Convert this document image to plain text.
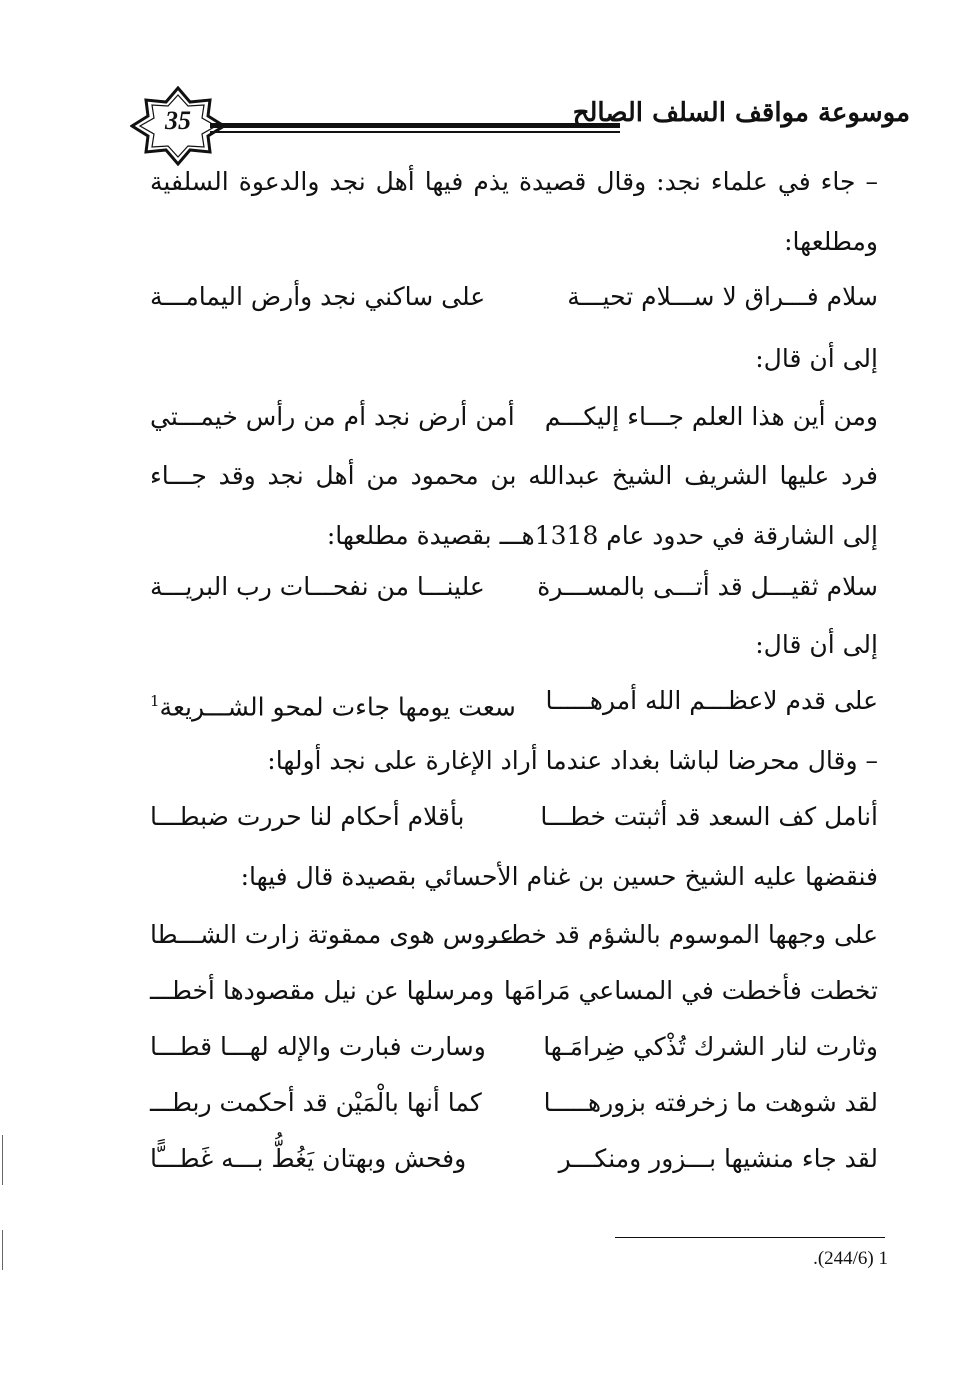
35	موسوعة مواقف السلف الصالح

– جاء في علماء نجد: وقال قصيدة يذم فيها أهل نجد والدعوة السلفية ومطلعها:

سلام فـــراق لا ســـلام تحيـــة
على ساكني نجد وأرض اليمامـــة
إلى أن قال:
ومن أين هذا العلم جـــاء إليكـــم
أمن أرض نجد أم من رأس خيمـــتي

فرد عليها الشريف الشيخ عبدالله بن محمود من أهل نجد وقد جـــاء إلى الشارقة في حدود عام 1318هـــ بقصيدة مطلعها:

سلام ثقيـــل قد أتـــى بالمســـرة
علينـــا من نفحـــات رب البريـــة
إلى أن قال:
على قدم لاعظـــم الله أمرهـــــا
سعت يومها جاءت لمحو الشـــريعة$^1$
– وقال محرضا لباشا بغداد عندما أراد الإغارة على نجد أولها:
أنامل كف السعد قد أثبتت خطـــا
بأقلام أحكام لنا حررت ضبطـــا
فنقضها عليه الشيخ حسين بن غنام الأحسائي بقصيدة قال فيها:
على وجهها الموسوم بالشؤم قد خطـــ
عروس هوى ممقوتة زارت الشـــطا
تخطت فأخطت في المساعي مَرامَها
ومرسلها عن نيل مقصودها أخطـــ
وثارت لنار الشرك تُذْكي ضِرامَـها
وسارت فبارت والإله لهـــا قطـــا
لقد شوهت ما زخرفته بزورهـــــا
كما أنها بالْمَيْن قد أحكمت ربطـــ
لقد جاء منشيها بـــزور ومنكـــر
وفحش وبهتان يَغُطُّ بـــه غَطـــًّا
1 (244/6).
